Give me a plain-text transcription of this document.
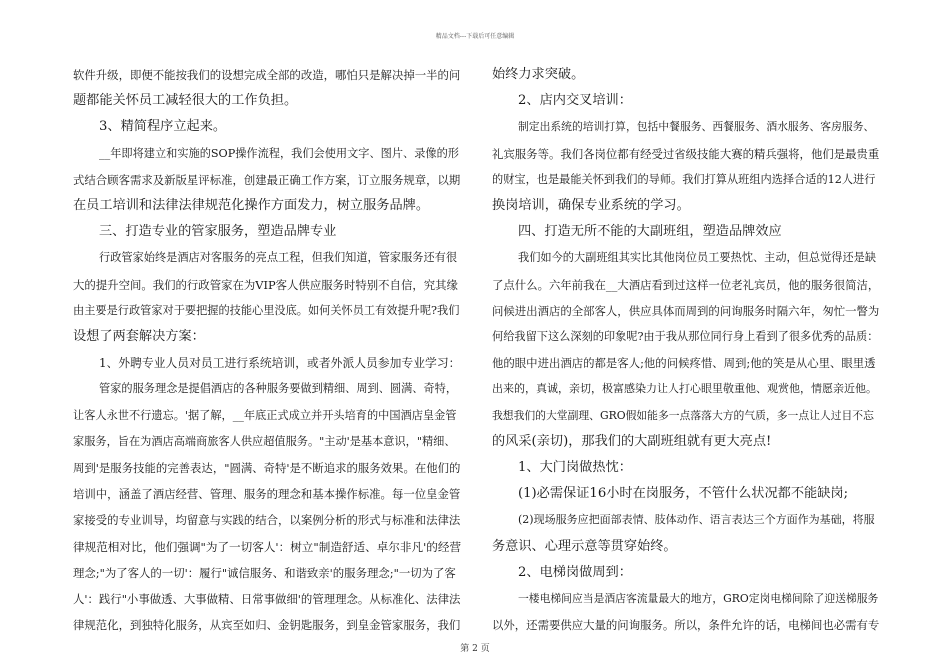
精品文档---下载后可任意编辑

软件升级，即便不能按我们的设想完成全部的改造，哪怕只是解决掉一半的问

题都能关怀员工减轻很大的工作负担。

3、精简程序立起来。

__年即将建立和实施的SOP操作流程，我们会使用文字、图片、录像的形

式结合顾客需求及新版星评标准，创建最正确工作方案，订立服务规章，以期

在员工培训和法律法律规范化操作方面发力，树立服务品牌。

三、打造专业的管家服务，塑造品牌专业

行政管家始终是酒店对客服务的亮点工程，但我们知道，管家服务还有很

大的提升空间。我们的行政管家在为VIP客人供应服务时特别不自信，究其缘

由主要是行政管家对于要把握的技能心里没底。如何关怀员工有效提升呢?我们

设想了两套解决方案：

1、外聘专业人员对员工进行系统培训，或者外派人员参加专业学习：

管家的服务理念是提倡酒店的各种服务要做到精细、周到、圆满、奇特，

让客人永世不行遗忘。'据了解，__年底正式成立并开头培育的中国酒店皇金管

家服务，旨在为酒店高端商旅客人供应超值服务。"主动'是基本意识，"精细、

周到'是服务技能的完善表达，"圆满、奇特'是不断追求的服务效果。在他们的

培训中，涵盖了酒店经营、管理、服务的理念和基本操作标准。每一位皇金管

家接受的专业训导，均留意与实践的结合，以案例分析的形式与标准和法律法

律规范相对比，他们强调"为了一切客人'：树立"制造舒适、卓尔非凡'的经营

理念;"为了客人的一切'：履行"诚信服务、和谐致亲'的服务理念;"一切为了客

人'：践行"小事做透、大事做精、日常事做细'的管理理念。从标准化、法律法

律规范化，到独特化服务，从宾至如归、金钥匙服务，到皇金管家服务，我们

始终力求突破。

2、店内交叉培训：

制定出系统的培训打算，包括中餐服务、西餐服务、酒水服务、客房服务、

礼宾服务等。我们各岗位都有经受过省级技能大赛的精兵强将，他们是最贵重

的财宝，也是最能关怀到我们的导师。我们打算从班组内选择合适的12人进行

换岗培训，确保专业系统的学习。

四、打造无所不能的大副班组，塑造品牌效应

我们如今的大副班组其实比其他岗位员工要热忱、主动，但总觉得还是缺

了点什么。六年前我在__大酒店看到过这样一位老礼宾员，他的服务很简洁，

问候进出酒店的全部客人，供应具体而周到的问询服务时隔六年，匆忙一瞥为

何给我留下这么深刻的印象呢?由于我从那位同行身上看到了很多优秀的品质：

他的眼中进出酒店的都是客人;他的问候疼惜、周到;他的笑是从心里、眼里透

出来的，真诚，亲切，极富感染力让人打心眼里敬重他、观赏他，情愿亲近他。

我想我们的大堂副理、GRO假如能多一点落落大方的气质，多一点让人过目不忘

的风采(亲切)，那我们的大副班组就有更大亮点!

1、大门岗做热忱：

(1)必需保证16小时在岗服务，不管什么状况都不能缺岗;

(2)现场服务应把面部表情、肢体动作、语言表达三个方面作为基础，将服

务意识、心理示意等贯穿始终。

2、电梯岗做周到：

一楼电梯间应当是酒店客流量最大的地方，GRO定岗电梯间除了迎送梯服务

以外，还需要供应大量的问询服务。所以，条件允许的话，电梯间也必需有专

第 2 页
